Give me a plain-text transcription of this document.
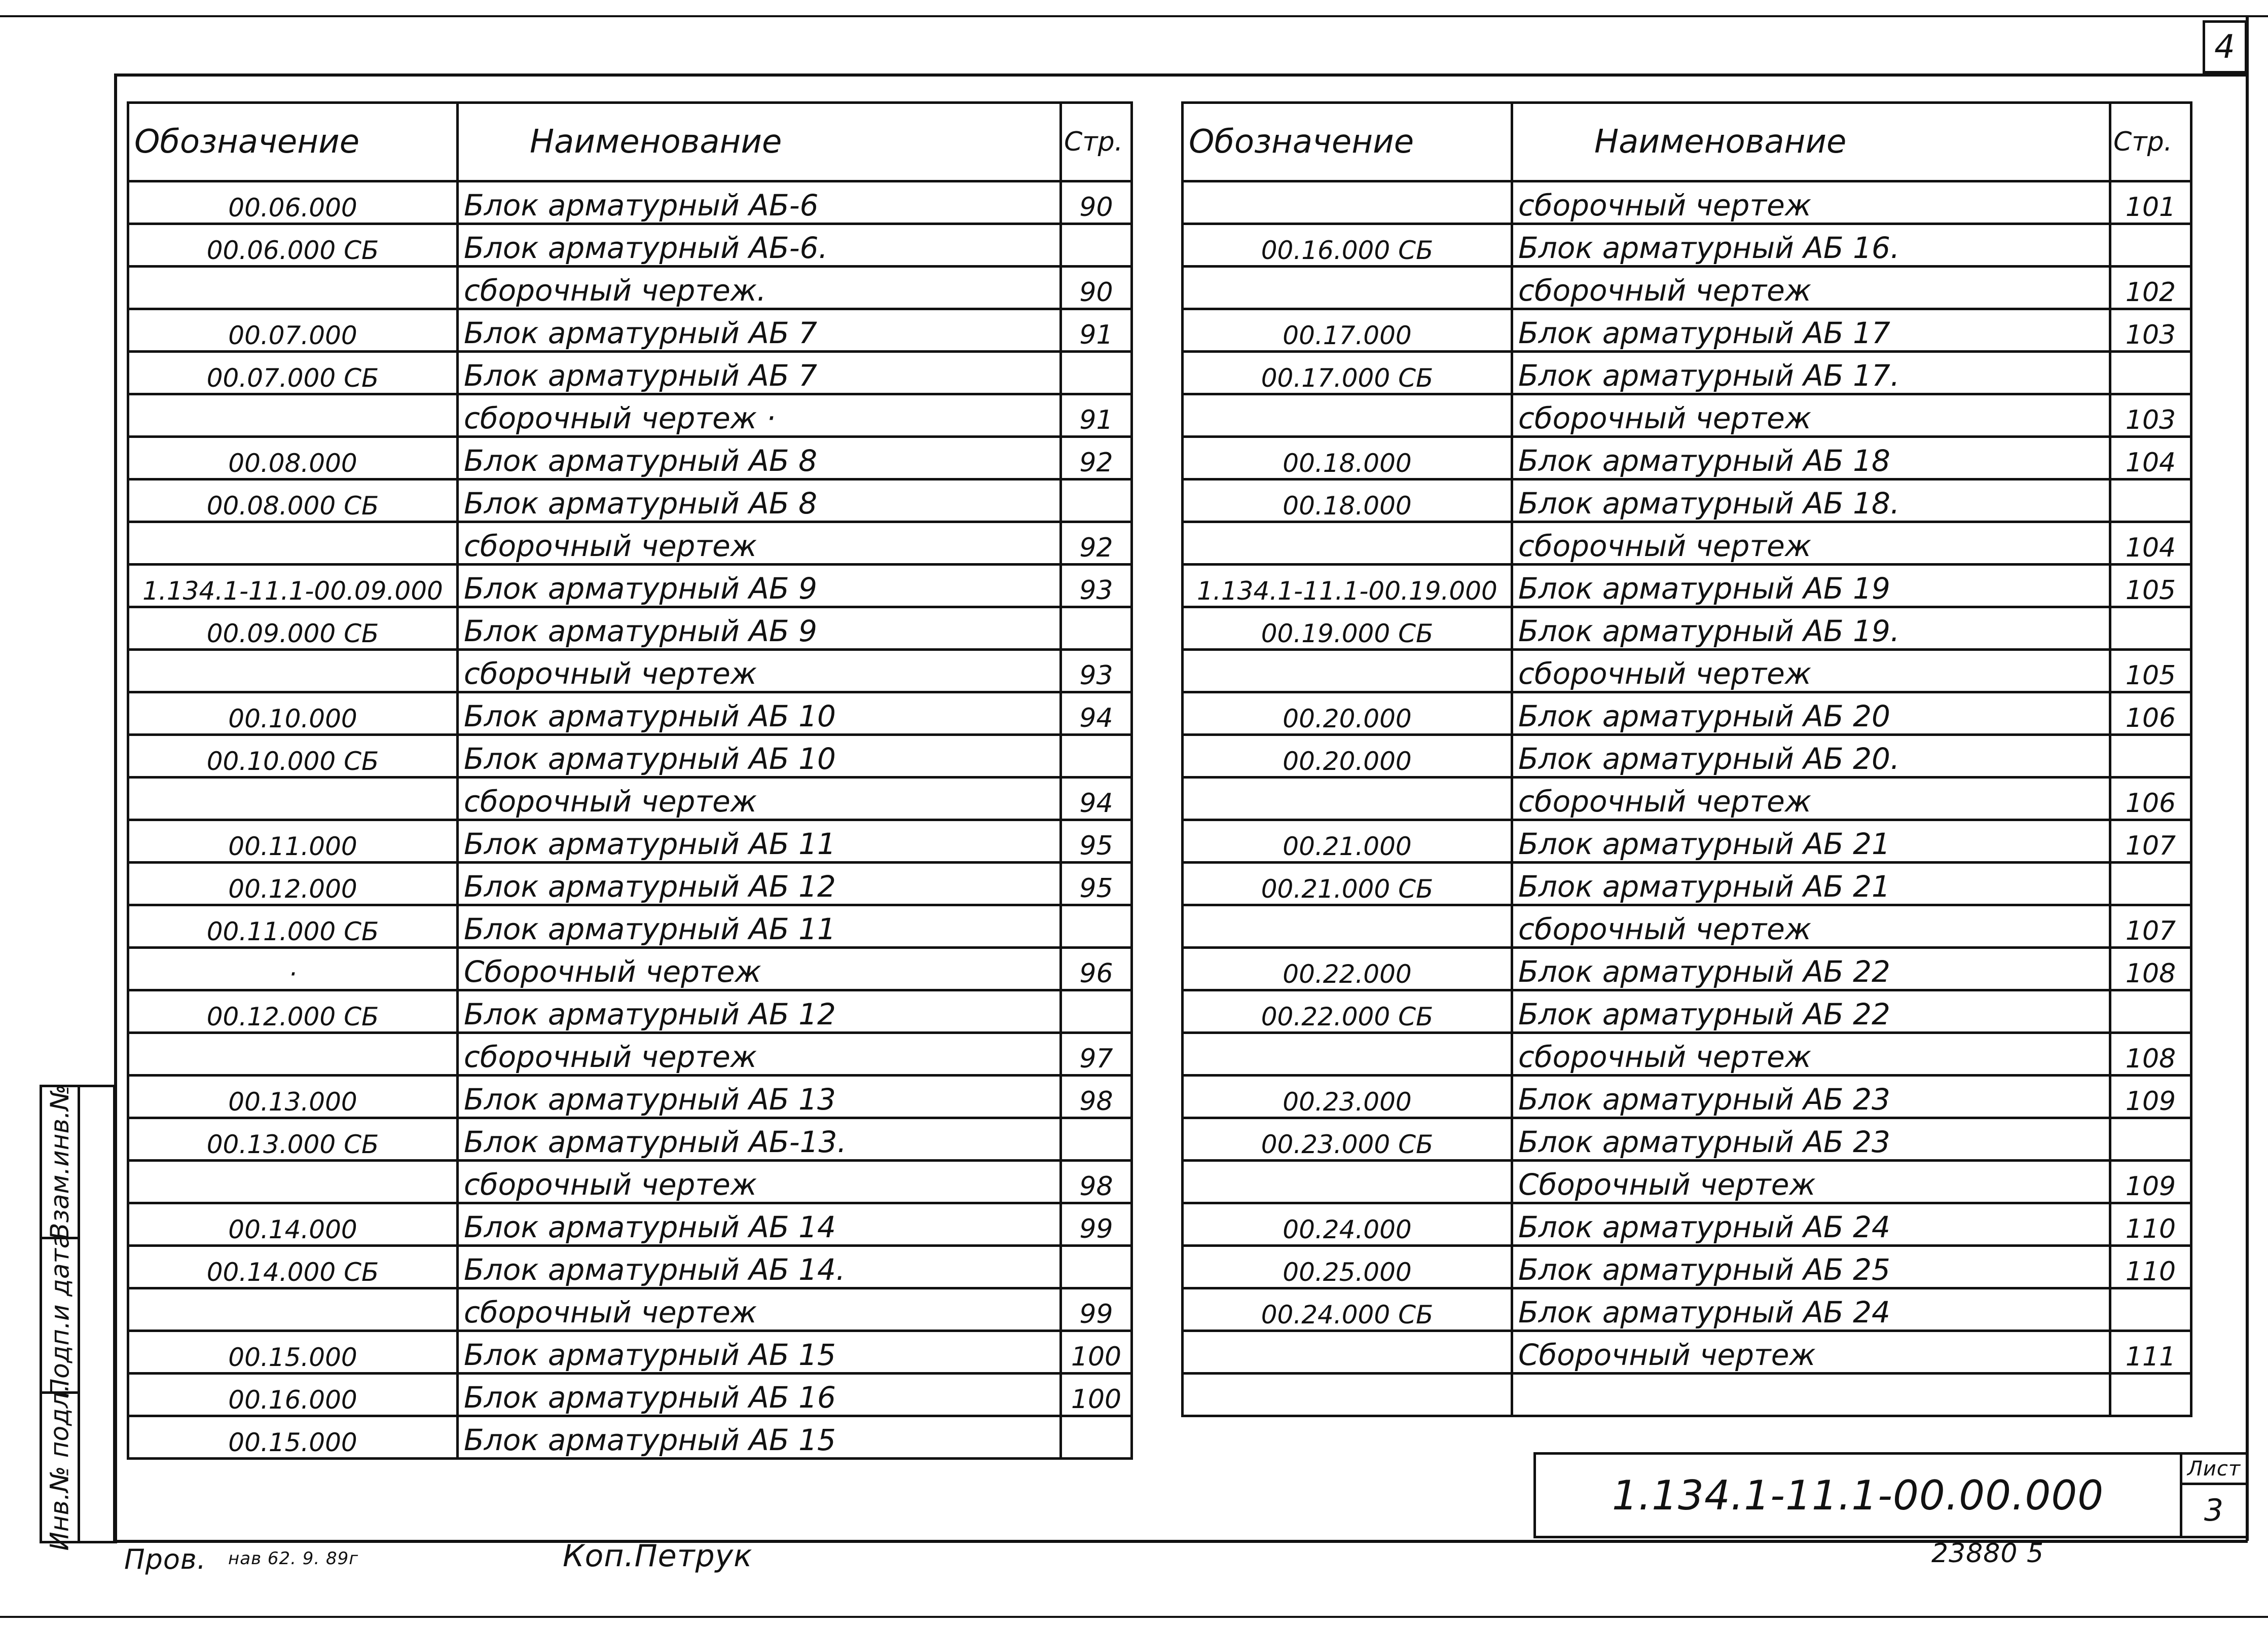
4
Обозначение	Наименование	Стр.
00.06.000	Блок арматурный АБ-6	90
00.06.000 СБ	Блок арматурный АБ-6.	
	сборочный чертеж.	90
00.07.000	Блок арматурный АБ 7	91
00.07.000 СБ	Блок арматурный АБ 7	
	сборочный чертеж ·	91
00.08.000	Блок арматурный АБ 8	92
00.08.000 СБ	Блок арматурный АБ 8	
	сборочный чертеж	92
1.134.1-11.1-00.09.000	Блок арматурный АБ 9	93
00.09.000 СБ	Блок арматурный АБ 9	
	сборочный чертеж	93
00.10.000	Блок арматурный АБ 10	94
00.10.000 СБ	Блок арматурный АБ 10	
	сборочный чертеж	94
00.11.000	Блок арматурный АБ 11	95
00.12.000	Блок арматурный АБ 12	95
00.11.000 СБ	Блок арматурный АБ 11	
·	Сборочный чертеж	96
00.12.000 СБ	Блок арматурный АБ 12	
	сборочный чертеж	97
00.13.000	Блок арматурный АБ 13	98
00.13.000 СБ	Блок арматурный АБ-13.	
	сборочный чертеж	98
00.14.000	Блок арматурный АБ 14	99
00.14.000 СБ	Блок арматурный АБ 14.	
	сборочный чертеж	99
00.15.000	Блок арматурный АБ 15	100
00.16.000	Блок арматурный АБ 16	100
00.15.000	Блок арматурный АБ 15	
Обозначение	Наименование	Стр.
	сборочный чертеж	101
00.16.000 СБ	Блок арматурный АБ 16.	
	сборочный чертеж	102
00.17.000	Блок арматурный АБ 17	103
00.17.000 СБ	Блок арматурный АБ 17.	
	сборочный чертеж	103
00.18.000	Блок арматурный АБ 18	104
00.18.000	Блок арматурный АБ 18.	
	сборочный чертеж	104
1.134.1-11.1-00.19.000	Блок арматурный АБ 19	105
00.19.000 СБ	Блок арматурный АБ 19.	
	сборочный чертеж	105
00.20.000	Блок арматурный АБ 20	106
00.20.000	Блок арматурный АБ 20.	
	сборочный чертеж	106
00.21.000	Блок арматурный АБ 21	107
00.21.000 СБ	Блок арматурный АБ 21	
	сборочный чертеж	107
00.22.000	Блок арматурный АБ 22	108
00.22.000 СБ	Блок арматурный АБ 22	
	сборочный чертеж	108
00.23.000	Блок арматурный АБ 23	109
00.23.000 СБ	Блок арматурный АБ 23	
	Сборочный чертеж	109
00.24.000	Блок арматурный АБ 24	110
00.25.000	Блок арматурный АБ 25	110
00.24.000 СБ	Блок арматурный АБ 24	
	Сборочный чертеж	111

Взам.инв.№
Подп.и дата
Инв.№ подл.	1.134.1-11.1-00.00.000
Лист
3
Пров. нав 62. 9. 89г	Коп.Петрук	23880 5
